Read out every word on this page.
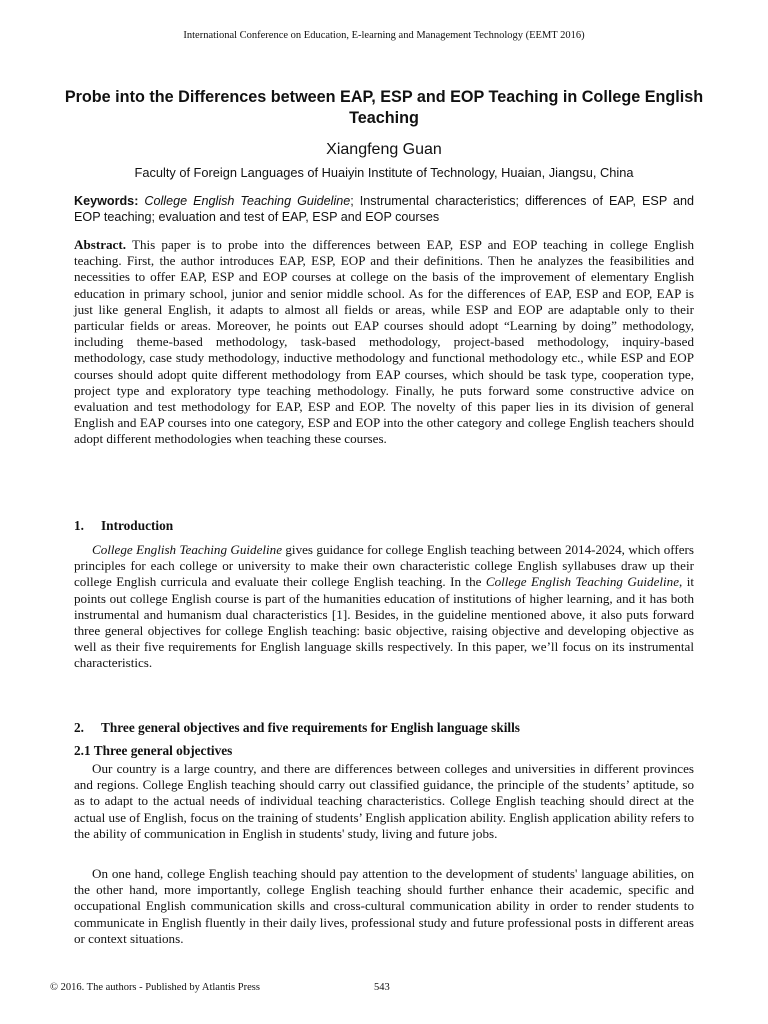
International Conference on Education, E-learning and Management Technology (EEMT 2016)
Probe into the Differences between EAP, ESP and EOP Teaching in College English Teaching
Xiangfeng Guan
Faculty of Foreign Languages of Huaiyin Institute of Technology, Huaian, Jiangsu, China
Keywords: College English Teaching Guideline; Instrumental characteristics; differences of EAP, ESP and EOP teaching; evaluation and test of EAP, ESP and EOP courses
Abstract. This paper is to probe into the differences between EAP, ESP and EOP teaching in college English teaching. First, the author introduces EAP, ESP, EOP and their definitions. Then he analyzes the feasibilities and necessities to offer EAP, ESP and EOP courses at college on the basis of the improvement of elementary English education in primary school, junior and senior middle school. As for the differences of EAP, ESP and EOP, EAP is just like general English, it adapts to almost all fields or areas, while ESP and EOP are adaptable only to their particular fields or areas. Moreover, he points out EAP courses should adopt “Learning by doing” methodology, including theme-based methodology, task-based methodology, project-based methodology, inquiry-based methodology, case study methodology, inductive methodology and functional methodology etc., while ESP and EOP courses should adopt quite different methodology from EAP courses, which should be task type, cooperation type, project type and exploratory type teaching methodology. Finally, he puts forward some constructive advice on evaluation and test methodology for EAP, ESP and EOP. The novelty of this paper lies in its division of general English and EAP courses into one category, ESP and EOP into the other category and college English teachers should adopt different methodologies when teaching these courses.
1. Introduction
College English Teaching Guideline gives guidance for college English teaching between 2014-2024, which offers principles for each college or university to make their own characteristic college English syllabuses draw up their college English curricula and evaluate their college English teaching. In the College English Teaching Guideline, it points out college English course is part of the humanities education of institutions of higher learning, and it has both instrumental and humanism dual characteristics [1]. Besides, in the guideline mentioned above, it also puts forward three general objectives for college English teaching: basic objective, raising objective and developing objective as well as their five requirements for English language skills respectively. In this paper, we’ll focus on its instrumental characteristics.
2. Three general objectives and five requirements for English language skills
2.1 Three general objectives
Our country is a large country, and there are differences between colleges and universities in different provinces and regions. College English teaching should carry out classified guidance, the principle of the students’ aptitude, so as to adapt to the actual needs of individual teaching characteristics. College English teaching should direct at the actual use of English, focus on the training of students’ English application ability. English application ability refers to the ability of communication in English in students' study, living and future jobs.
On one hand, college English teaching should pay attention to the development of students' language abilities, on the other hand, more importantly, college English teaching should further enhance their academic, specific and occupational English communication skills and cross-cultural communication ability in order to render students to communicate in English fluently in their daily lives, professional study and future professional posts in different areas or context situations.
© 2016. The authors - Published by Atlantis Press	543
